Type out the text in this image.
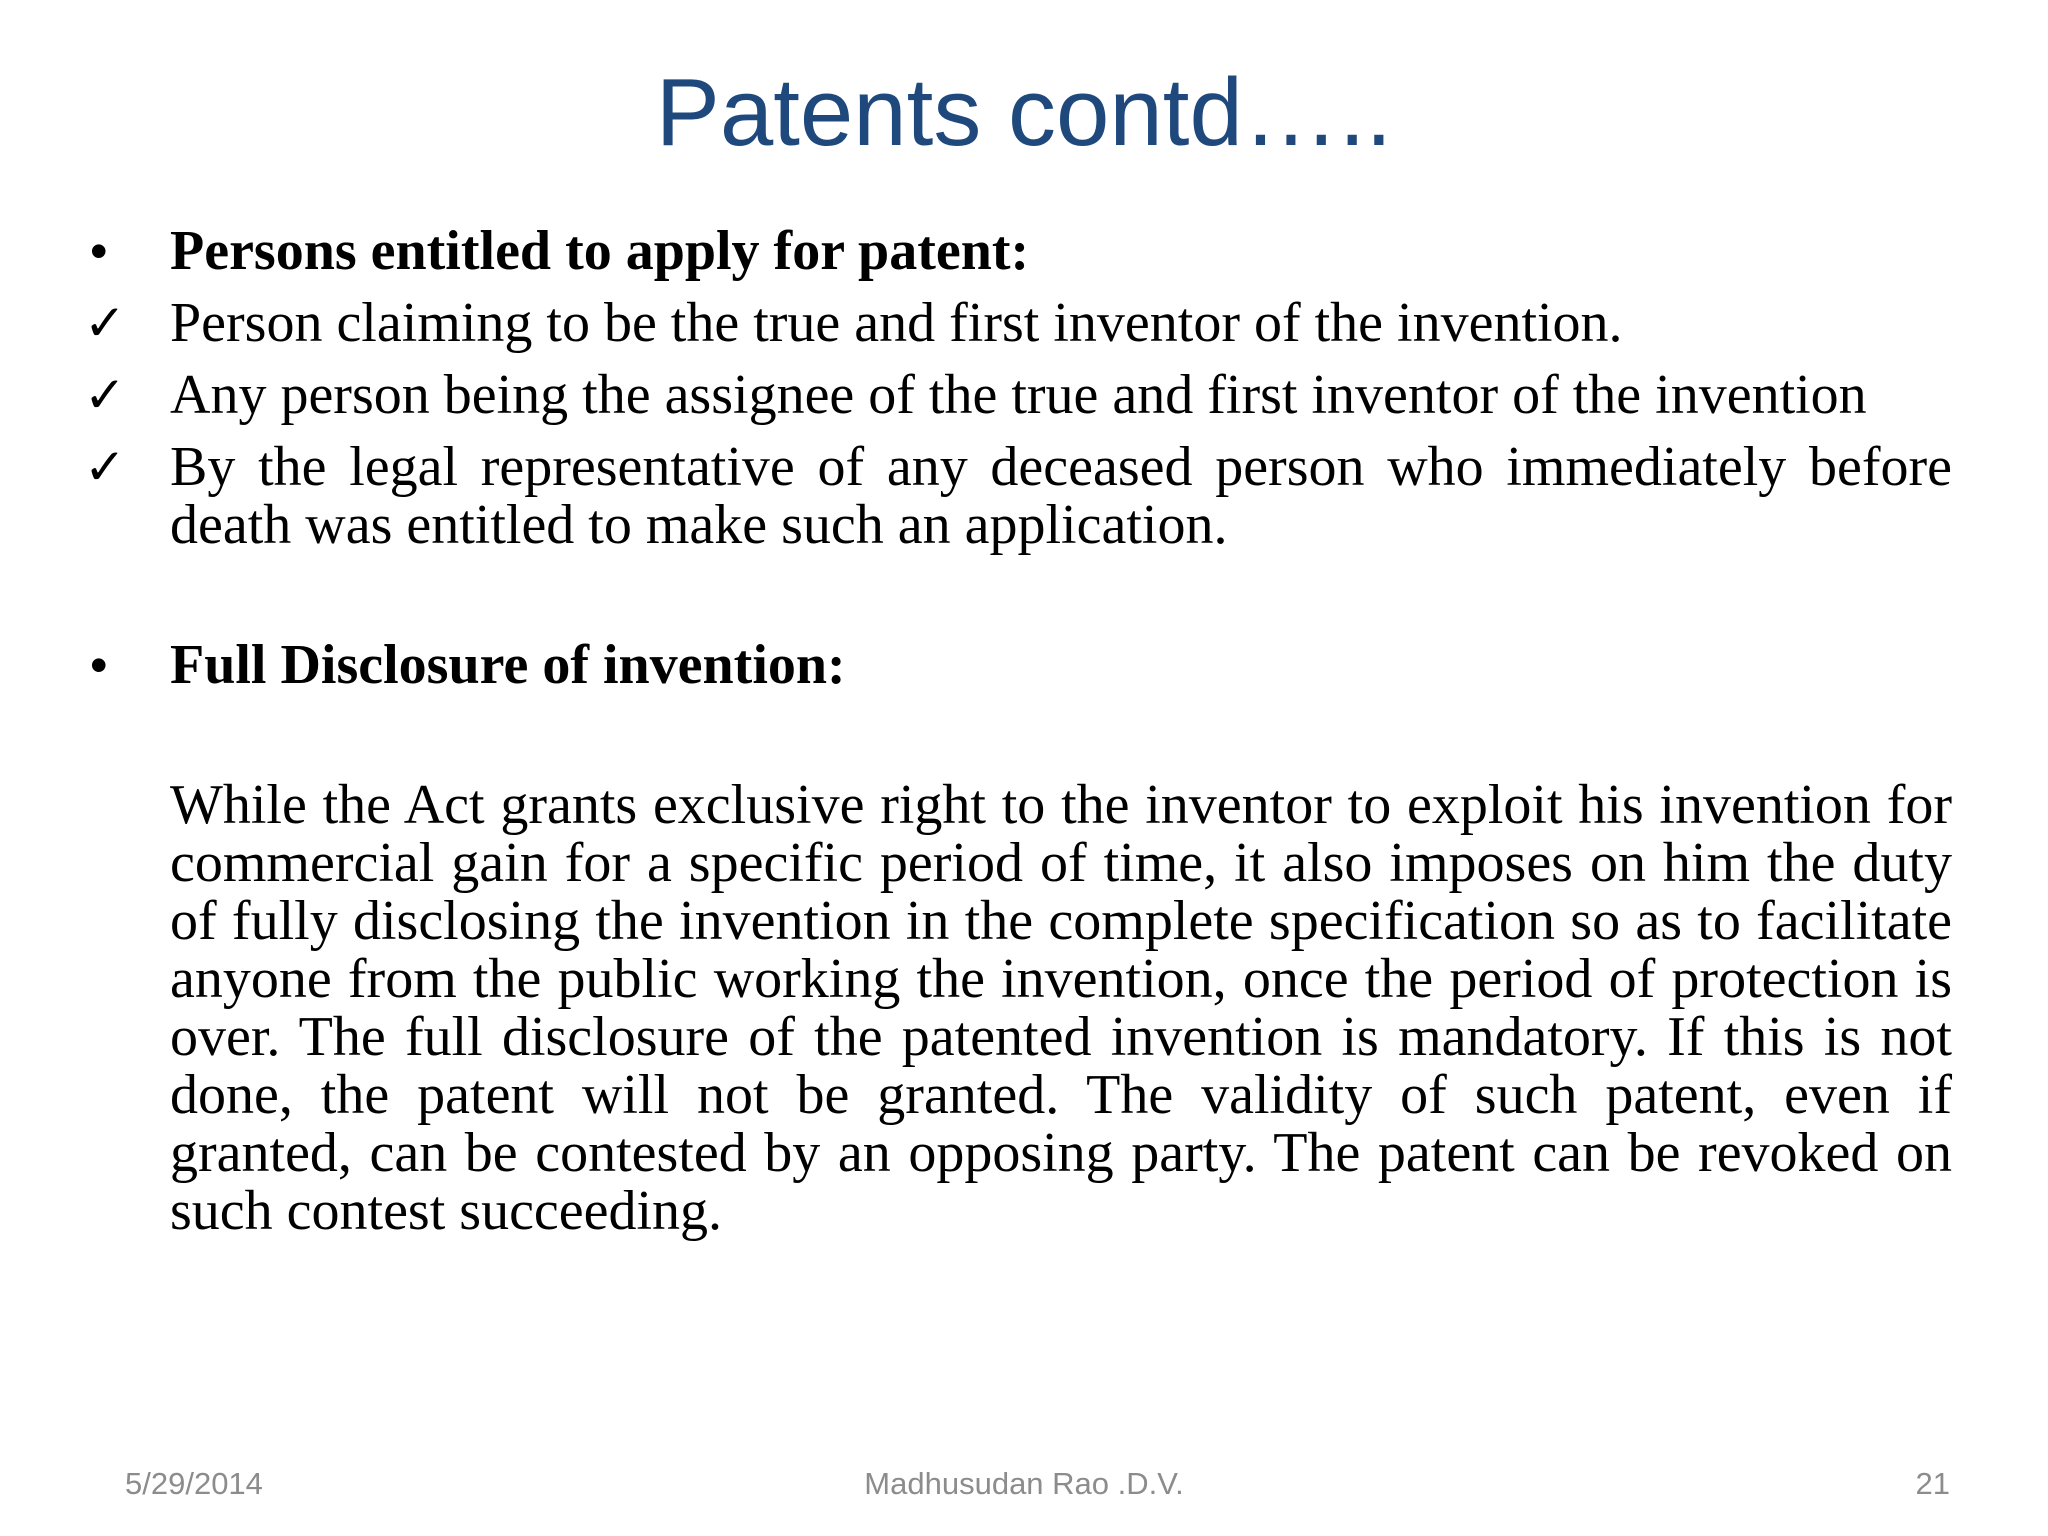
Patents contd…..
•	Persons entitled to apply for patent:
✓ Person claiming to be the true and first inventor of the invention.
✓ Any person being the assignee of the true and first inventor of the invention
✓ By the legal representative of any deceased person who immediately before death was entitled to make such an application.
•	Full Disclosure of invention:
While the Act grants exclusive right to the inventor to exploit his invention for commercial gain for a specific period of time, it also imposes on him the duty of fully disclosing the invention in the complete specification so as to facilitate anyone from the public working the invention, once the period of protection is over. The full disclosure of the patented invention is mandatory. If this is not done, the patent will not be granted. The validity of such patent, even if granted, can be contested by an opposing party. The patent can be revoked on such contest succeeding.
Madhusudan Rao .D.V.
5/29/2014	21
